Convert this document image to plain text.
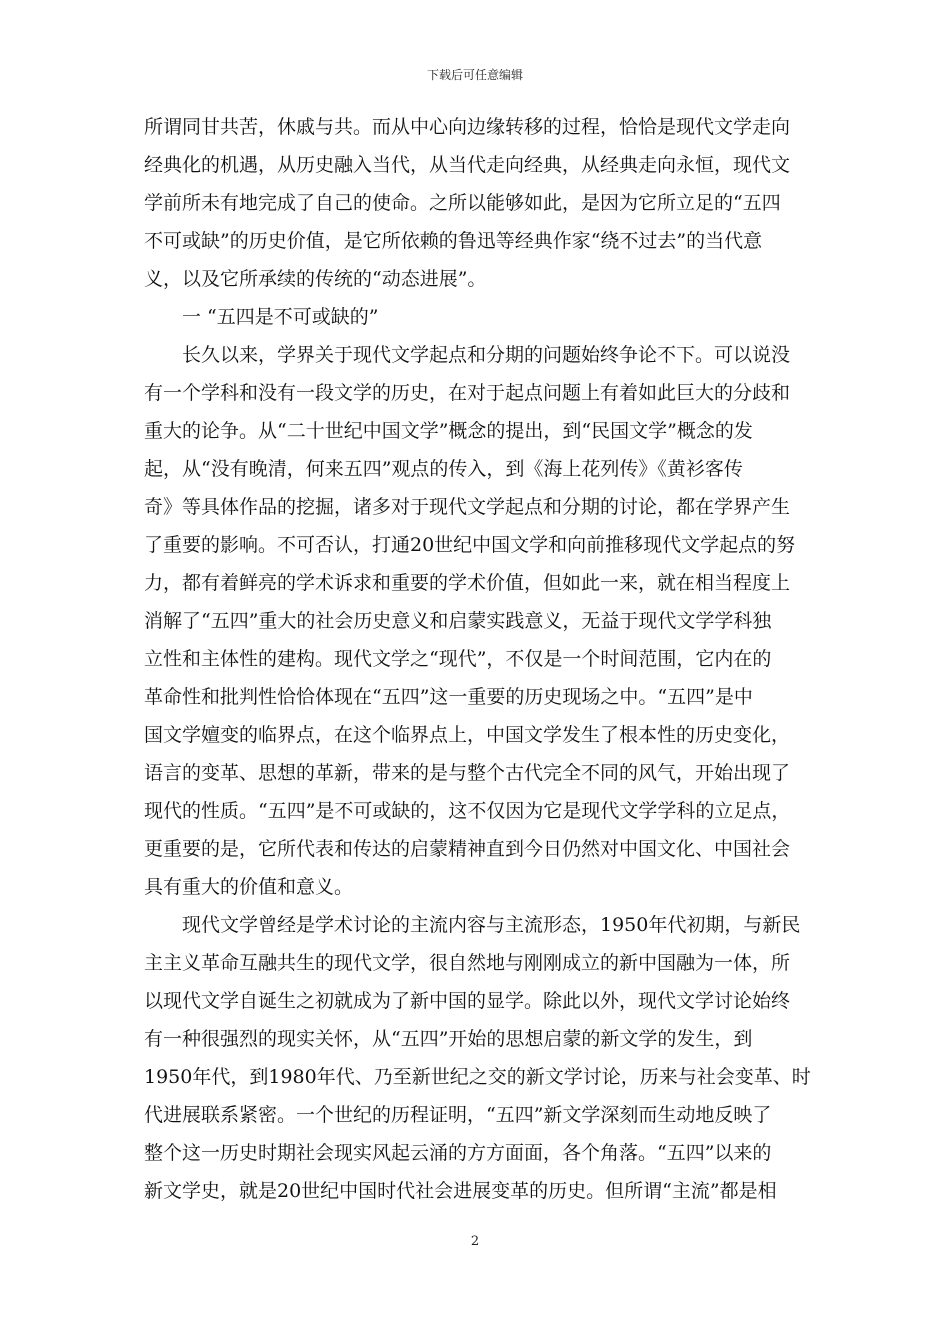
下载后可任意编辑
所谓同甘共苦，休戚与共。而从中心向边缘转移的过程，恰恰是现代文学走向
经典化的机遇，从历史融入当代，从当代走向经典，从经典走向永恒，现代文
学前所未有地完成了自己的使命。之所以能够如此，是因为它所立足的“五四
不可或缺”的历史价值，是它所依赖的鲁迅等经典作家“绕不过去”的当代意
义，以及它所承续的传统的“动态进展”。
一 “五四是不可或缺的”
长久以来，学界关于现代文学起点和分期的问题始终争论不下。可以说没
有一个学科和没有一段文学的历史，在对于起点问题上有着如此巨大的分歧和
重大的论争。从“二十世纪中国文学”概念的提出，到“民国文学”概念的发
起，从“没有晚清，何来五四”观点的传入，到《海上花列传》《黄衫客传
奇》等具体作品的挖掘，诸多对于现代文学起点和分期的讨论，都在学界产生
了重要的影响。不可否认，打通20世纪中国文学和向前推移现代文学起点的努
力，都有着鲜亮的学术诉求和重要的学术价值，但如此一来，就在相当程度上
消解了“五四”重大的社会历史意义和启蒙实践意义，无益于现代文学学科独
立性和主体性的建构。现代文学之“现代”，不仅是一个时间范围，它内在的
革命性和批判性恰恰体现在“五四”这一重要的历史现场之中。“五四”是中
国文学嬗变的临界点，在这个临界点上，中国文学发生了根本性的历史变化，
语言的变革、思想的革新，带来的是与整个古代完全不同的风气，开始出现了
现代的性质。“五四”是不可或缺的，这不仅因为它是现代文学学科的立足点，
更重要的是，它所代表和传达的启蒙精神直到今日仍然对中国文化、中国社会
具有重大的价值和意义。
现代文学曾经是学术讨论的主流内容与主流形态，1950年代初期，与新民
主主义革命互融共生的现代文学，很自然地与刚刚成立的新中国融为一体，所
以现代文学自诞生之初就成为了新中国的显学。除此以外，现代文学讨论始终
有一种很强烈的现实关怀，从“五四”开始的思想启蒙的新文学的发生，到
1950年代，到1980年代、乃至新世纪之交的新文学讨论，历来与社会变革、时
代进展联系紧密。一个世纪的历程证明，“五四”新文学深刻而生动地反映了
整个这一历史时期社会现实风起云涌的方方面面，各个角落。“五四”以来的
新文学史，就是20世纪中国时代社会进展变革的历史。但所谓“主流”都是相
2
